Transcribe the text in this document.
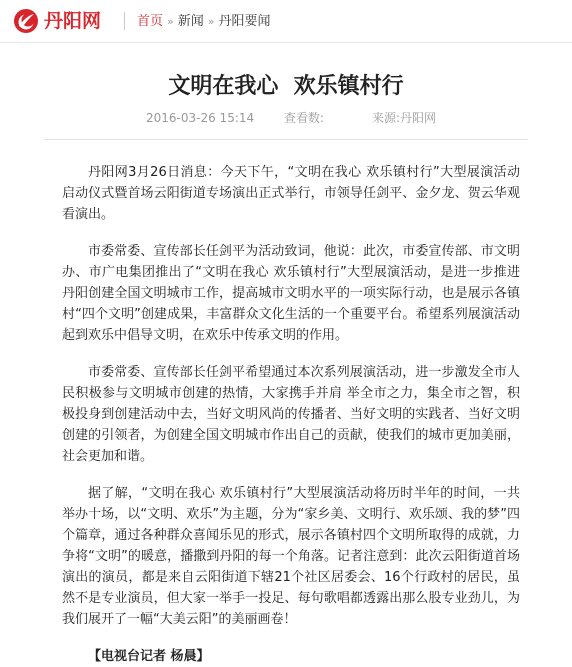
丹阳网	首页 » 新闻 » 丹阳要闻
文明在我心  欢乐镇村行
2016-03-26 15:14 查看数:	来源:丹阳网

丹阳网3月26日消息：今天下午，“文明在我心 欢乐镇村行”大型展演活动启动仪式暨首场云阳街道专场演出正式举行，市领导任剑平、金夕龙、贺云华观看演出。

市委常委、宣传部长任剑平为活动致词，他说：此次，市委宣传部、市文明办、市广电集团推出了“文明在我心 欢乐镇村行”大型展演活动，是进一步推进丹阳创建全国文明城市工作，提高城市文明水平的一项实际行动，也是展示各镇村“四个文明”创建成果，丰富群众文化生活的一个重要平台。希望系列展演活动起到欢乐中倡导文明，在欢乐中传承文明的作用。

市委常委、宣传部长任剑平希望通过本次系列展演活动，进一步激发全市人民积极参与文明城市创建的热情，大家携手并肩 举全市之力，集全市之智，积极投身到创建活动中去，当好文明风尚的传播者、当好文明的实践者、当好文明创建的引领者，为创建全国文明城市作出自己的贡献，使我们的城市更加美丽，社会更加和谐。

据了解，“文明在我心 欢乐镇村行”大型展演活动将历时半年的时间，一共举办十场，以“文明、欢乐”为主题，分为“家乡美、文明行、欢乐颂、我的梦”四个篇章，通过各种群众喜闻乐见的形式，展示各镇村四个文明所取得的成就，力争将“文明”的暖意，播撒到丹阳的每一个角落。记者注意到：此次云阳街道首场演出的演员，都是来自云阳街道下辖21个社区居委会、16个行政村的居民，虽然不是专业演员，但大家一举手一投足、每句歌唱都透露出那么股专业劲儿，为我们展开了一幅“大美云阳”的美丽画卷！

【电视台记者 杨晨】
